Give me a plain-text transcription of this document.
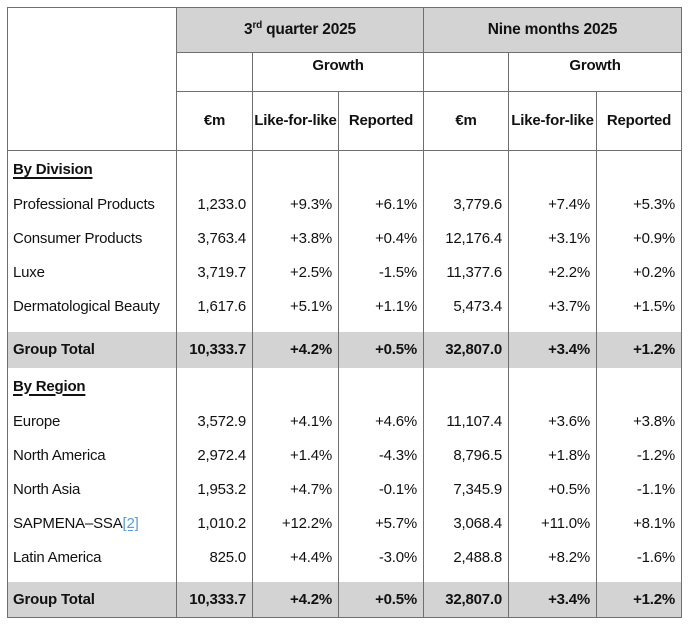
	3rd quarter 2025			Nine months 2025		
		Growth			Growth	
	€m	Like-for-like	Reported	€m	Like-for-like	Reported
By Division						
Professional Products	1,233.0	+9.3%	+6.1%	3,779.6	+7.4%	+5.3%
Consumer Products	3,763.4	+3.8%	+0.4%	12,176.4	+3.1%	+0.9%
Luxe	3,719.7	+2.5%	-1.5%	11,377.6	+2.2%	+0.2%
Dermatological Beauty	1,617.6	+5.1%	+1.1%	5,473.4	+3.7%	+1.5%

Group Total	10,333.7	+4.2%	+0.5%	32,807.0	+3.4%	+1.2%
By Region						
Europe	3,572.9	+4.1%	+4.6%	11,107.4	+3.6%	+3.8%
North America	2,972.4	+1.4%	-4.3%	8,796.5	+1.8%	-1.2%
North Asia	1,953.2	+4.7%	-0.1%	7,345.9	+0.5%	-1.1%
SAPMENA–SSA[2]	1,010.2	+12.2%	+5.7%	3,068.4	+11.0%	+8.1%
Latin America	825.0	+4.4%	-3.0%	2,488.8	+8.2%	-1.6%

Group Total	10,333.7	+4.2%	+0.5%	32,807.0	+3.4%	+1.2%
